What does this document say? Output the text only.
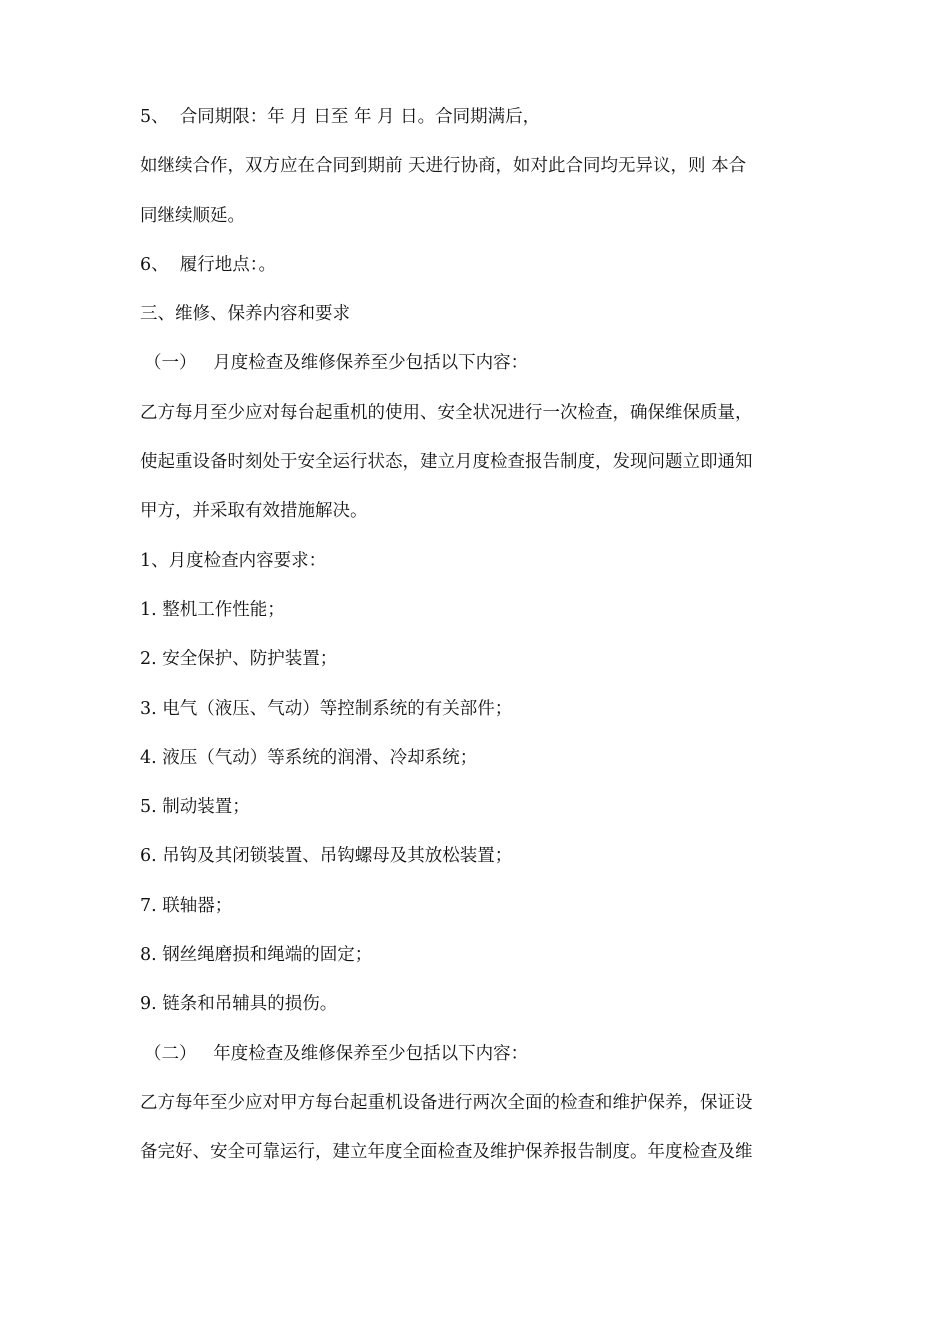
5、  合同期限：年 月 日至 年 月 日。合同期满后，
如继续合作，双方应在合同到期前 天进行协商，如对此合同均无异议，则 本合
同继续顺延。
6、  履行地点：。
三、维修、保养内容和要求
（一）   月度检查及维修保养至少包括以下内容：
乙方每月至少应对每台起重机的使用、安全状况进行一次检查，确保维保质量，
使起重设备时刻处于安全运行状态，建立月度检查报告制度，发现问题立即通知
甲方，并采取有效措施解决。
1、月度检查内容要求：
1. 整机工作性能；
2. 安全保护、防护装置；
3. 电气（液压、气动）等控制系统的有关部件；
4. 液压（气动）等系统的润滑、冷却系统；
5. 制动装置；
6. 吊钩及其闭锁装置、吊钩螺母及其放松装置；
7. 联轴器；
8. 钢丝绳磨损和绳端的固定；
9. 链条和吊辅具的损伤。
（二）   年度检查及维修保养至少包括以下内容：
乙方每年至少应对甲方每台起重机设备进行两次全面的检查和维护保养，保证设
备完好、安全可靠运行，建立年度全面检查及维护保养报告制度。年度检查及维
